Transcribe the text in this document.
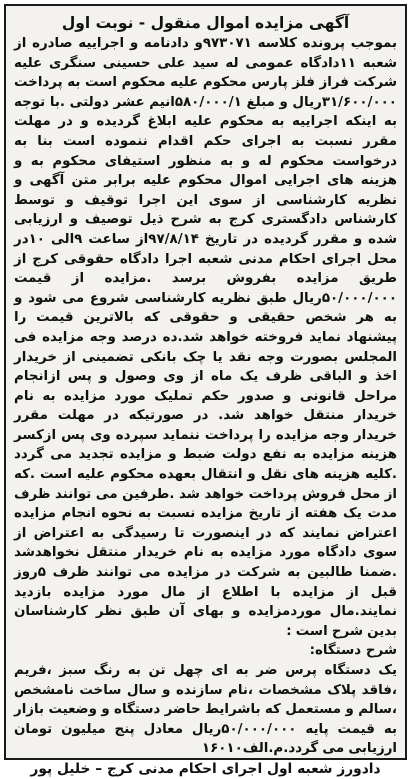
آگهی مزایده اموال منقول - نوبت اول

بموجب پرونده کلاسه ۹۷۳۰۷۱و دادنامه و اجراییه صادره از شعبه ۱۱دادگاه عمومی له سید علی حسینی سنگری علیه شرکت فراز فلز پارس محکوم علیه محکوم است به پرداخت ۳۱/۶۰۰/۰۰۰ریال و مبلغ ۵۸۰/۰۰۰/۱انیم عشر دولتی .با توجه به اینکه اجراییه به محکوم علیه ابلاغ گردیده و در مهلت مقرر نسبت به اجرای حکم اقدام ننموده است بنا به درخواست محکوم له و به منظور استیفای محکوم به و هزینه های اجرایی اموال محکوم علیه برابر متن آگهی و نظریه کارشناسی از سوی این اجرا توقیف و توسط کارشناس دادگستری کرج به شرح ذیل توصیف و ارزیابی شده و مقرر گردیده در تاریخ ۹۷/۸/۱۴از ساعت ۹الی ۱۰در محل اجرای احکام مدنی شعبه اجرا دادگاه حقوقی کرج از طریق مزایده بفروش برسد .مزایده از قیمت ۵۰/۰۰۰/۰۰۰ریال طبق نظریه کارشناسی شروع می شود و به هر شخص حقیقی و حقوقی که بالاترین قیمت را پیشنهاد نماید فروخته خواهد شد.ده درصد وجه مزایده فی المجلس بصورت وجه نقد یا چک بانکی تضمینی از خریدار اخذ و الباقی ظرف یک ماه از وی وصول و پس ازانجام مراحل قانونی و صدور حکم تملیک مورد مزایده به نام خریدار منتقل خواهد شد. در صورتیکه در مهلت مقرر خریدار وجه مزایده را پرداخت ننماید سپرده وی پس ازکسر هزینه مزایده به نفع دولت ضبط و مزایده تجدید می گردد .کلیه هزینه های نقل و انتقال بعهده محکوم علیه است .که از محل فروش پرداخت خواهد شد .طرفین می توانند ظرف مدت یک هفته از تاریخ مزایده نسبت به نحوه انجام مزایده اعتراض نمایند که در اینصورت تا رسیدگی به اعتراض از سوی دادگاه مورد مزایده به نام خریدار منتقل نخواهدشد .ضمنا طالبین به شرکت در مزایده می توانند ظرف ۵روز قبل از مزایده با اطلاع از مال مورد مزایده بازدید نمایند.مال موردمزایده و بهای آن طبق نظر کارشناسان بدین شرح است :

شرح دستگاه:

یک دستگاه پرس ضر به ای چهل تن به رنگ سبز ،فریم ،فاقد پلاک مشخصات ،نام سازنده و سال ساخت نامشخص ،سالم و مستعمل که باشرایط حاضر دستگاه و وضعیت بازار به قیمت پایه ۵۰/۰۰۰/۰۰۰ریال معادل پنج میلیون تومان ارزیابی می گردد.م.الف۱۶۰۱۰

دادورز شعبه اول اجرای احکام مدنی کرج – خلیل پور
